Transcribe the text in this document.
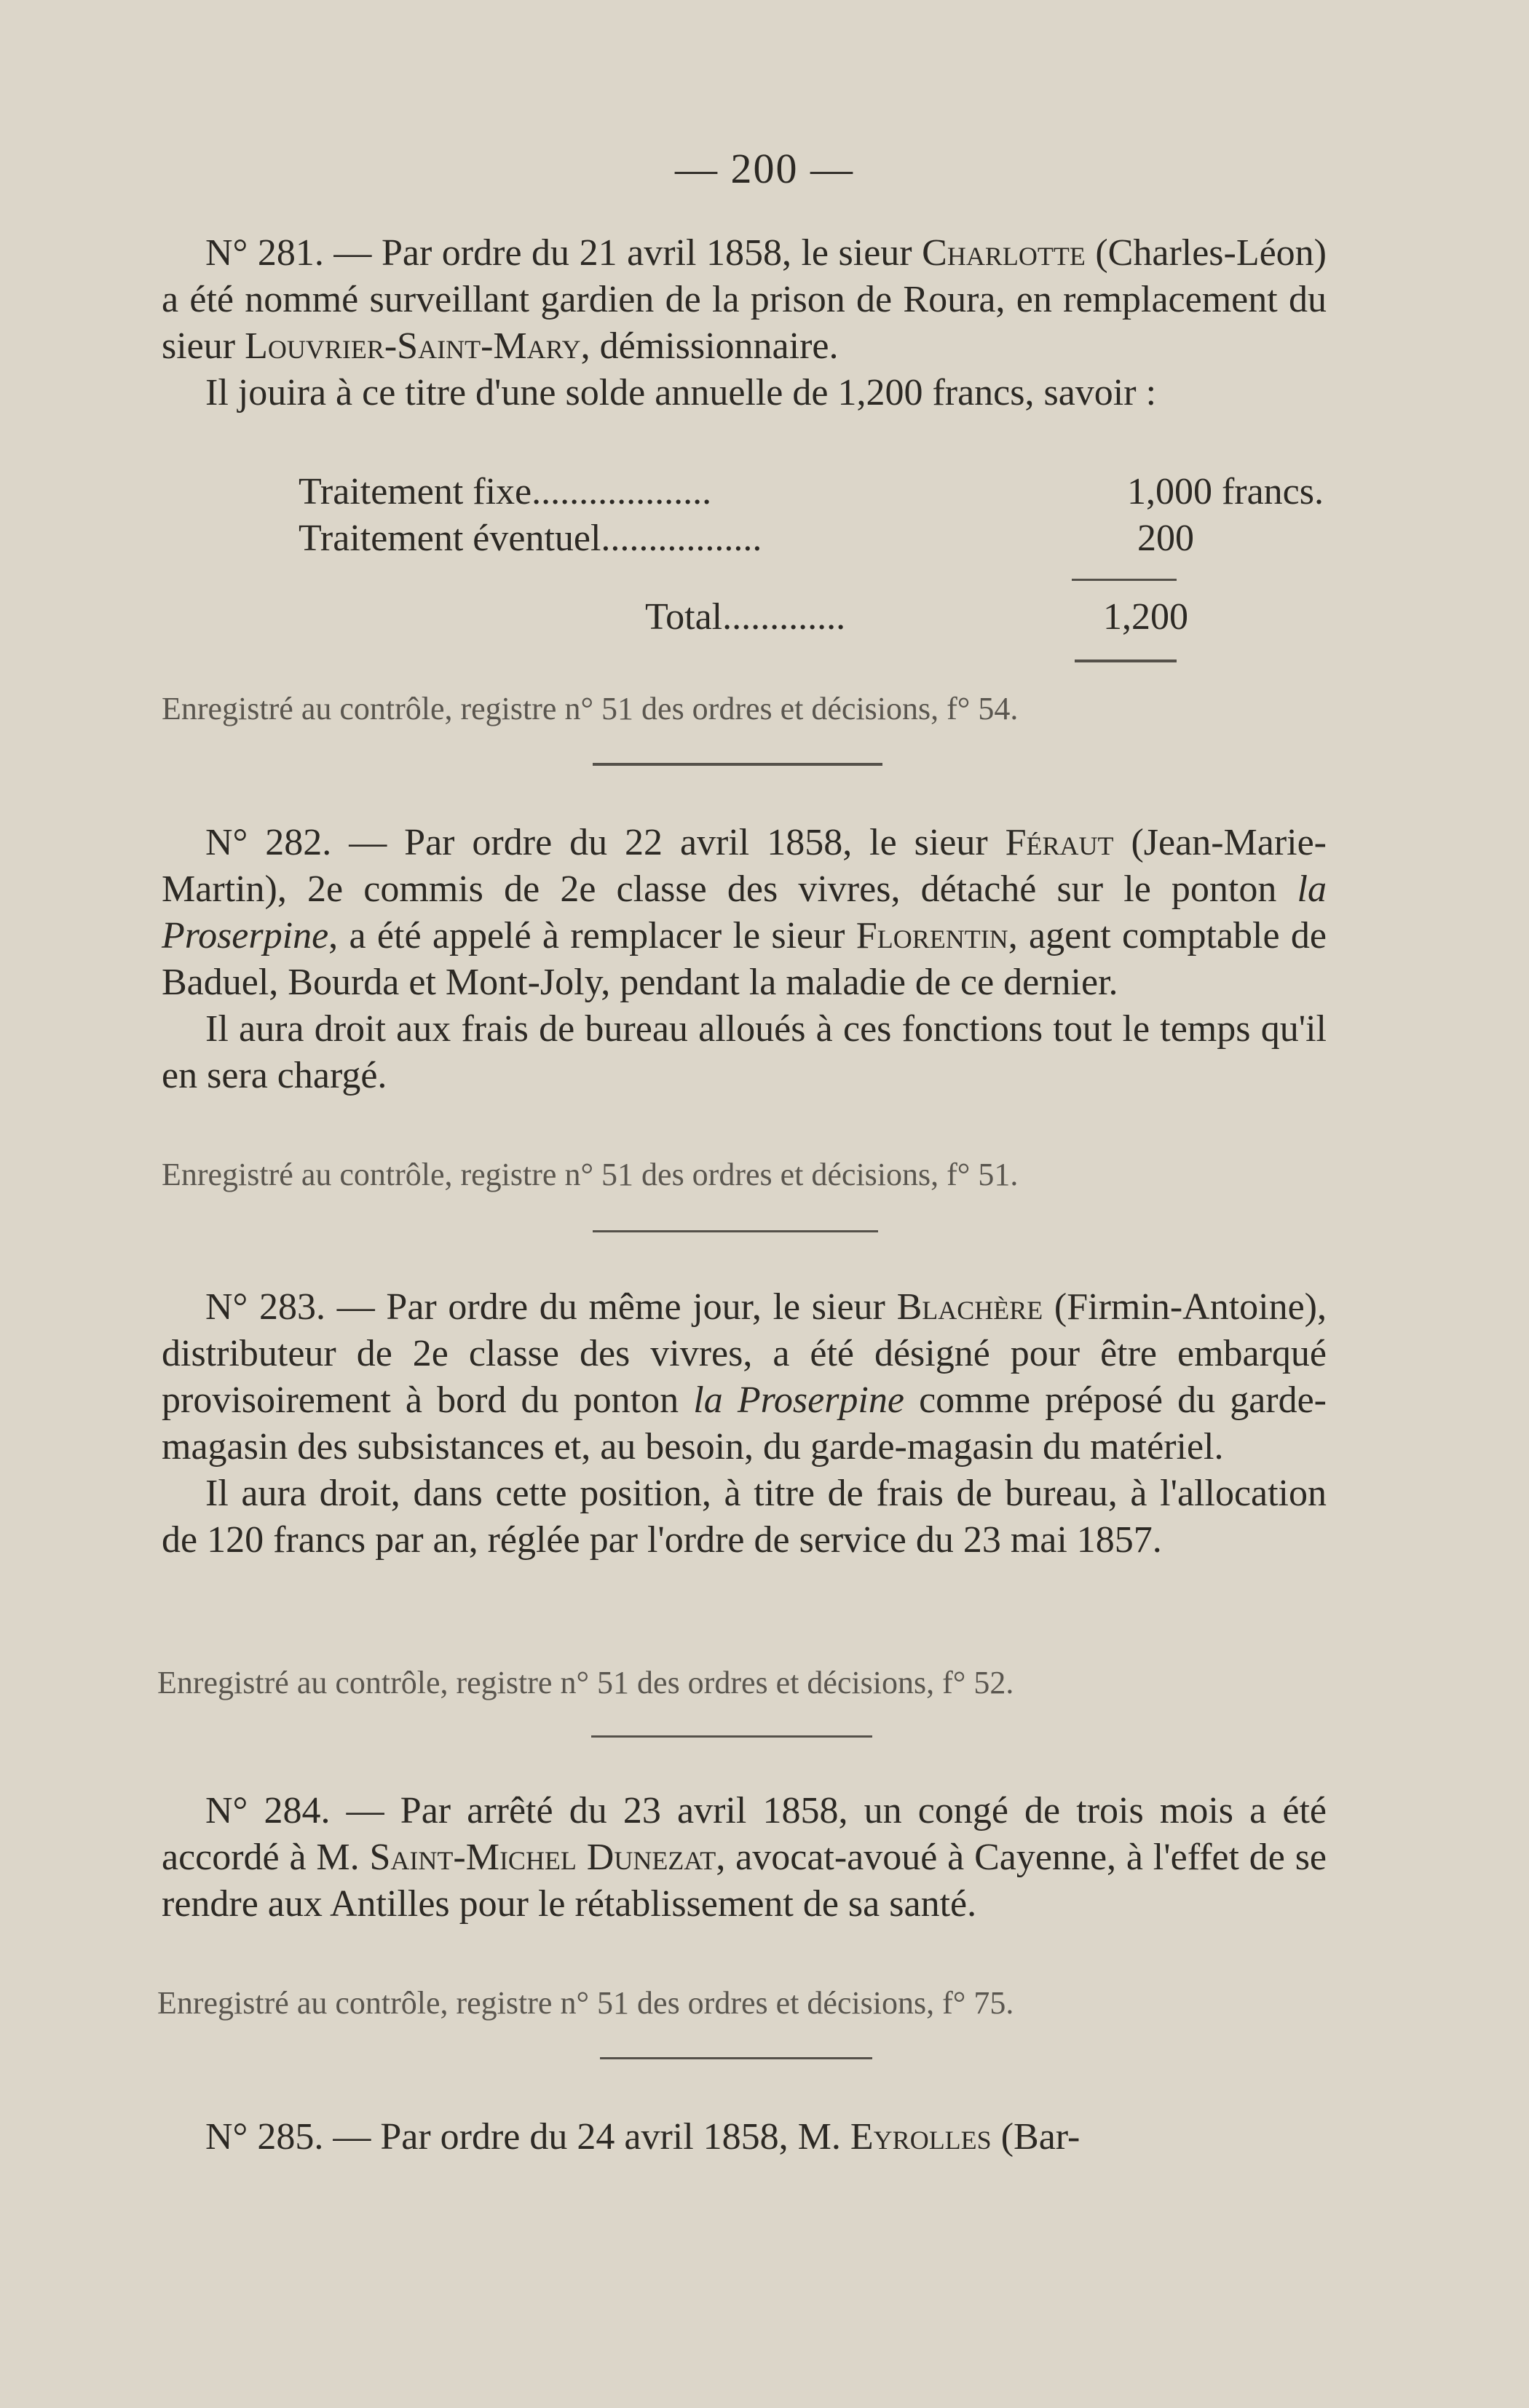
— 200 —

N° 281. — Par ordre du 21 avril 1858, le sieur Charlotte (Charles-Léon) a été nommé surveillant gardien de la prison de Roura, en remplacement du sieur Louvrier-Saint-Mary, démissionnaire.

Il jouira à ce titre d'une solde annuelle de 1,200 francs, savoir :

Traitement fixe...................	1,000 francs.
Traitement éventuel.................	200
Total.............	1,200
Enregistré au contrôle, registre n° 51 des ordres et décisions, f° 54.

N° 282. — Par ordre du 22 avril 1858, le sieur Féraut (Jean-Marie-Martin), 2e commis de 2e classe des vivres, détaché sur le ponton la Proserpine, a été appelé à remplacer le sieur Florentin, agent comptable de Baduel, Bourda et Mont-Joly, pendant la maladie de ce dernier.

Il aura droit aux frais de bureau alloués à ces fonctions tout le temps qu'il en sera chargé.

Enregistré au contrôle, registre n° 51 des ordres et décisions, f° 51.

N° 283. — Par ordre du même jour, le sieur Blachère (Firmin-Antoine), distributeur de 2e classe des vivres, a été désigné pour être embarqué provisoirement à bord du ponton la Proserpine comme préposé du garde-magasin des subsistances et, au besoin, du garde-magasin du matériel.

Il aura droit, dans cette position, à titre de frais de bureau, à l'allocation de 120 francs par an, réglée par l'ordre de service du 23 mai 1857.

Enregistré au contrôle, registre n° 51 des ordres et décisions, f° 52.

N° 284. — Par arrêté du 23 avril 1858, un congé de trois mois a été accordé à M. Saint-Michel Dunezat, avocat-avoué à Cayenne, à l'effet de se rendre aux Antilles pour le rétablissement de sa santé.

Enregistré au contrôle, registre n° 51 des ordres et décisions, f° 75.

N° 285. — Par ordre du 24 avril 1858, M. Eyrolles (Bar-
